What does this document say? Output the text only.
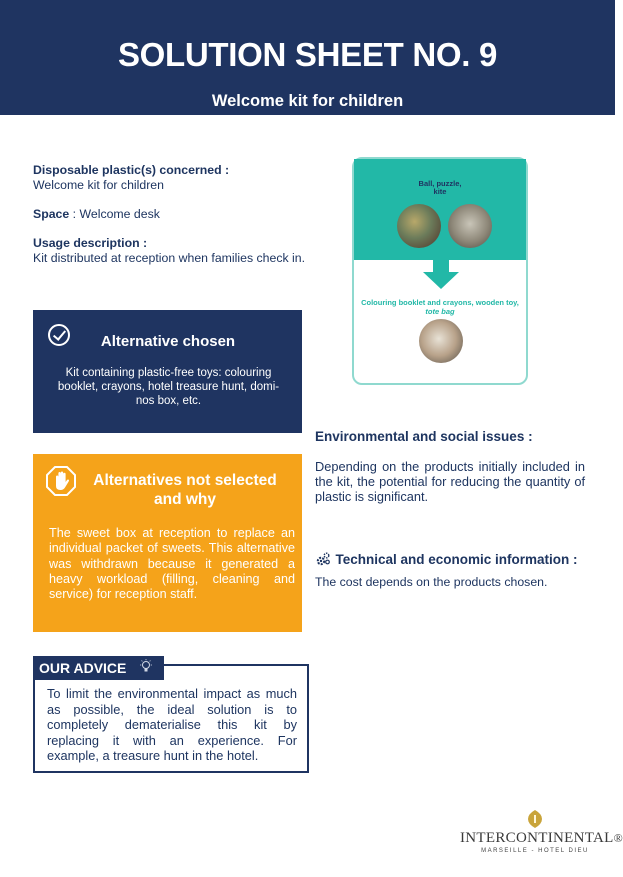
SOLUTION SHEET NO. 9
Welcome kit for children
Disposable plastic(s) concerned :
Welcome kit for children
Space : Welcome desk
Usage description :
Kit distributed at reception when families check in.
Ball, puzzle, kite
Colouring booklet and crayons, wooden toy, tote bag
Alternative chosen
Kit containing plastic-free toys: colouring booklet, crayons, hotel treasure hunt, domi-nos box, etc.
Alternatives not selected and why
The sweet box at reception to replace an individual packet of sweets. This alternative was withdrawn because it generated a heavy workload (filling, cleaning and service) for reception staff.
OUR ADVICE
To limit the environmental impact as much as possible, the ideal solution is to completely dematerialise this kit by replacing it with an experience. For example, a treasure hunt in the hotel.
Environmental and social issues :
Depending on the products initially included in the kit, the potential for reducing the quantity of plastic is significant.
Technical and economic information :
The cost depends on the products chosen.
INTERCONTINENTAL®
MARSEILLE - HOTEL DIEU
